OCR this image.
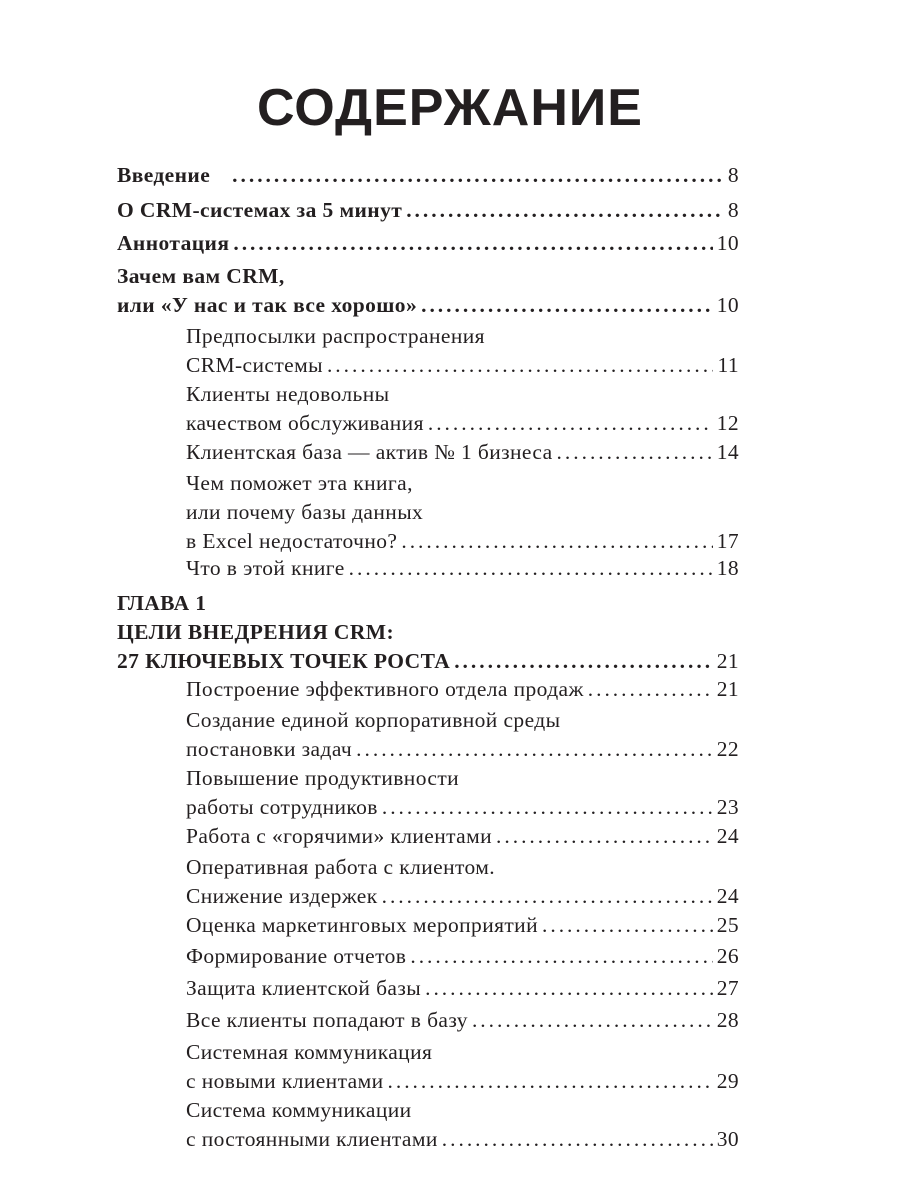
СОДЕРЖАНИЕ
Введение . . .	8
О CRM-системах за 5 минут . . .	8
Аннотация . . .	10
Зачем вам CRM,
или «У нас и так все хорошо» . . .	10
Предпосылки распространения
CRM-системы . . .	11
Клиенты недовольны
качеством обслуживания . . .	12
Клиентская база — актив № 1 бизнеса . . .	14
Чем поможет эта книга,
или почему базы данных
в Excel недостаточно? . . .	17
Что в этой книге . . .	18
ГЛАВА 1
ЦЕЛИ ВНЕДРЕНИЯ CRM:
27 КЛЮЧЕВЫХ ТОЧЕК РОСТА . . .	21
Построение эффективного отдела продаж . . .	21
Создание единой корпоративной среды
постановки задач . . .	22
Повышение продуктивности
работы сотрудников . . .	23
Работа с «горячими» клиентами . . .	24
Оперативная работа с клиентом.
Снижение издержек . . .	24
Оценка маркетинговых мероприятий . . .	25
Формирование отчетов . . .	26
Защита клиентской базы . . .	27
Все клиенты попадают в базу . . .	28
Системная коммуникация
с новыми клиентами . . .	29
Система коммуникации
с постоянными клиентами . . .	30
